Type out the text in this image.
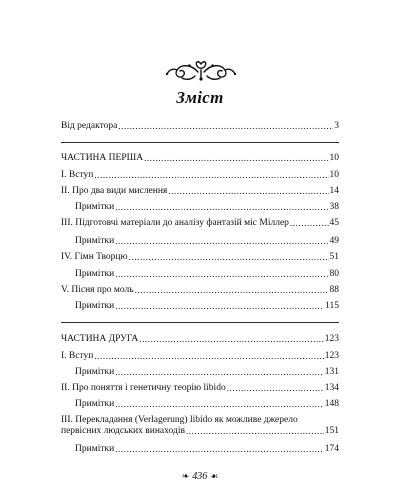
Зміст
Від редактора .....	3
ЧАСТИНА ПЕРША .....	10
I. Вступ .....	10
II. Про два види мислення .....	14
Примітки .....	38
III. Підготовчі матеріали до аналізу фантазій міс Міллер .....	45
Примітки .....	49
IV. Гімн Творцю .....	51
Примітки .....	80
V. Пісня про моль .....	88
Примітки .....	115
ЧАСТИНА ДРУГА .....	123
I. Вступ .....	123
Примітки .....	131
II. Про поняття і генетичну теорію libido .....	134
Примітки .....	148
III. Перекладання (Verlagerung) libido як можливе джерело
первісних людських винаходів .....	151
Примітки .....	174
❧ 436 ☙
